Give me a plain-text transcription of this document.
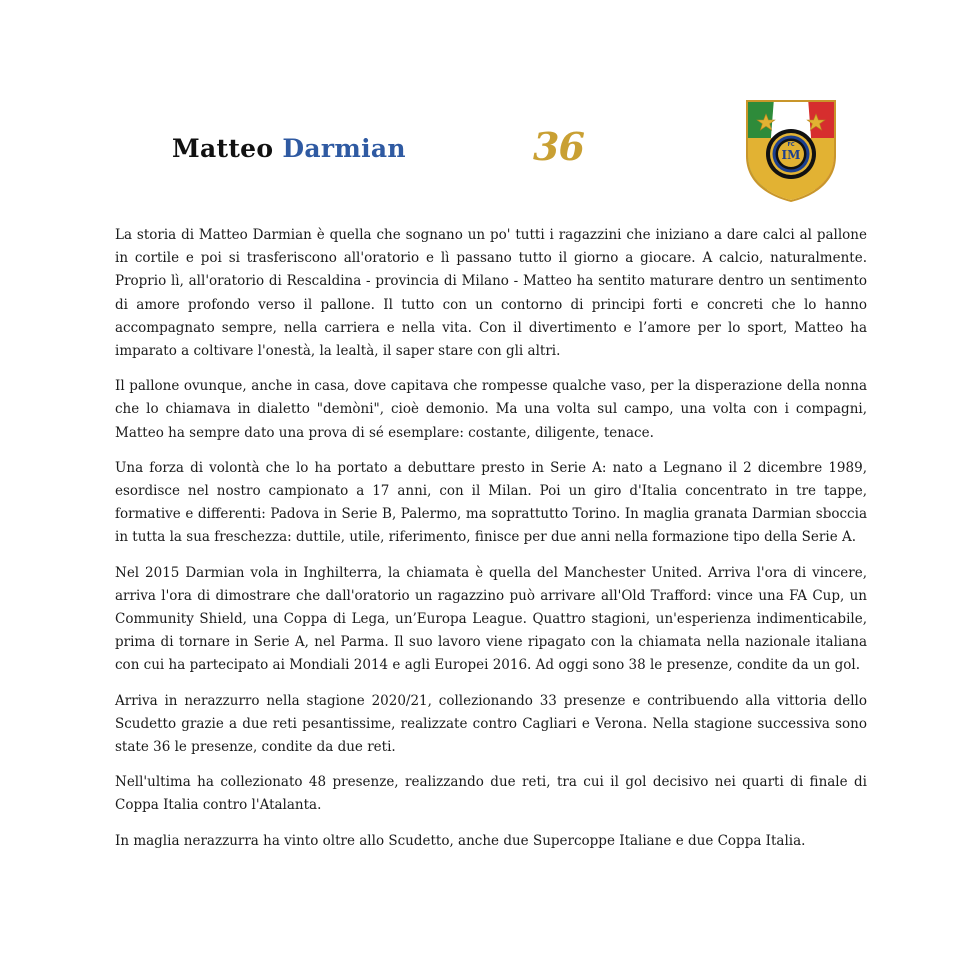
Matteo Darmian	36	IM
FC

La storia di Matteo Darmian è quella che sognano un po' tutti i ragazzini che iniziano a dare calci al pallone in cortile e poi si trasferiscono all'oratorio e lì passano tutto il giorno a giocare. A calcio, naturalmente. Proprio lì, all'oratorio di Rescaldina - provincia di Milano - Matteo ha sentito maturare dentro un sentimento di amore profondo verso il pallone. Il tutto con un contorno di principi forti e concreti che lo hanno accompagnato sempre, nella carriera e nella vita. Con il divertimento e l’amore per lo sport, Matteo ha imparato a coltivare l'onestà, la lealtà, il saper stare con gli altri.

Il pallone ovunque, anche in casa, dove capitava che rompesse qualche vaso, per la disperazione della nonna che lo chiamava in dialetto "demòni", cioè demonio. Ma una volta sul campo, una volta con i compagni, Matteo ha sempre dato una prova di sé esemplare: costante, diligente, tenace.

Una forza di volontà che lo ha portato a debuttare presto in Serie A: nato a Legnano il 2 dicembre 1989, esordisce nel nostro campionato a 17 anni, con il Milan. Poi un giro d'Italia concentrato in tre tappe, formative e differenti: Padova in Serie B, Palermo, ma soprattutto Torino. In maglia granata Darmian sboccia in tutta la sua freschezza: duttile, utile, riferimento, finisce per due anni nella formazione tipo della Serie A.

Nel 2015 Darmian vola in Inghilterra, la chiamata è quella del Manchester United. Arriva l'ora di vincere, arriva l'ora di dimostrare che dall'oratorio un ragazzino può arrivare all'Old Trafford: vince una FA Cup, un Community Shield, una Coppa di Lega, un’Europa League. Quattro stagioni, un'esperienza indimenticabile, prima di tornare in Serie A, nel Parma. Il suo lavoro viene ripagato con la chiamata nella nazionale italiana con cui ha partecipato ai Mondiali 2014 e agli Europei 2016. Ad oggi sono 38 le presenze, condite da un gol.

Arriva in nerazzurro nella stagione 2020/21, collezionando 33 presenze e contribuendo alla vittoria dello Scudetto grazie a due reti pesantissime, realizzate contro Cagliari e Verona. Nella stagione successiva sono state 36 le presenze, condite da due reti.

Nell'ultima ha collezionato 48 presenze, realizzando due reti, tra cui il gol decisivo nei quarti di finale di Coppa Italia contro l'Atalanta.

In maglia nerazzurra ha vinto oltre allo Scudetto, anche due Supercoppe Italiane e due Coppa Italia.
